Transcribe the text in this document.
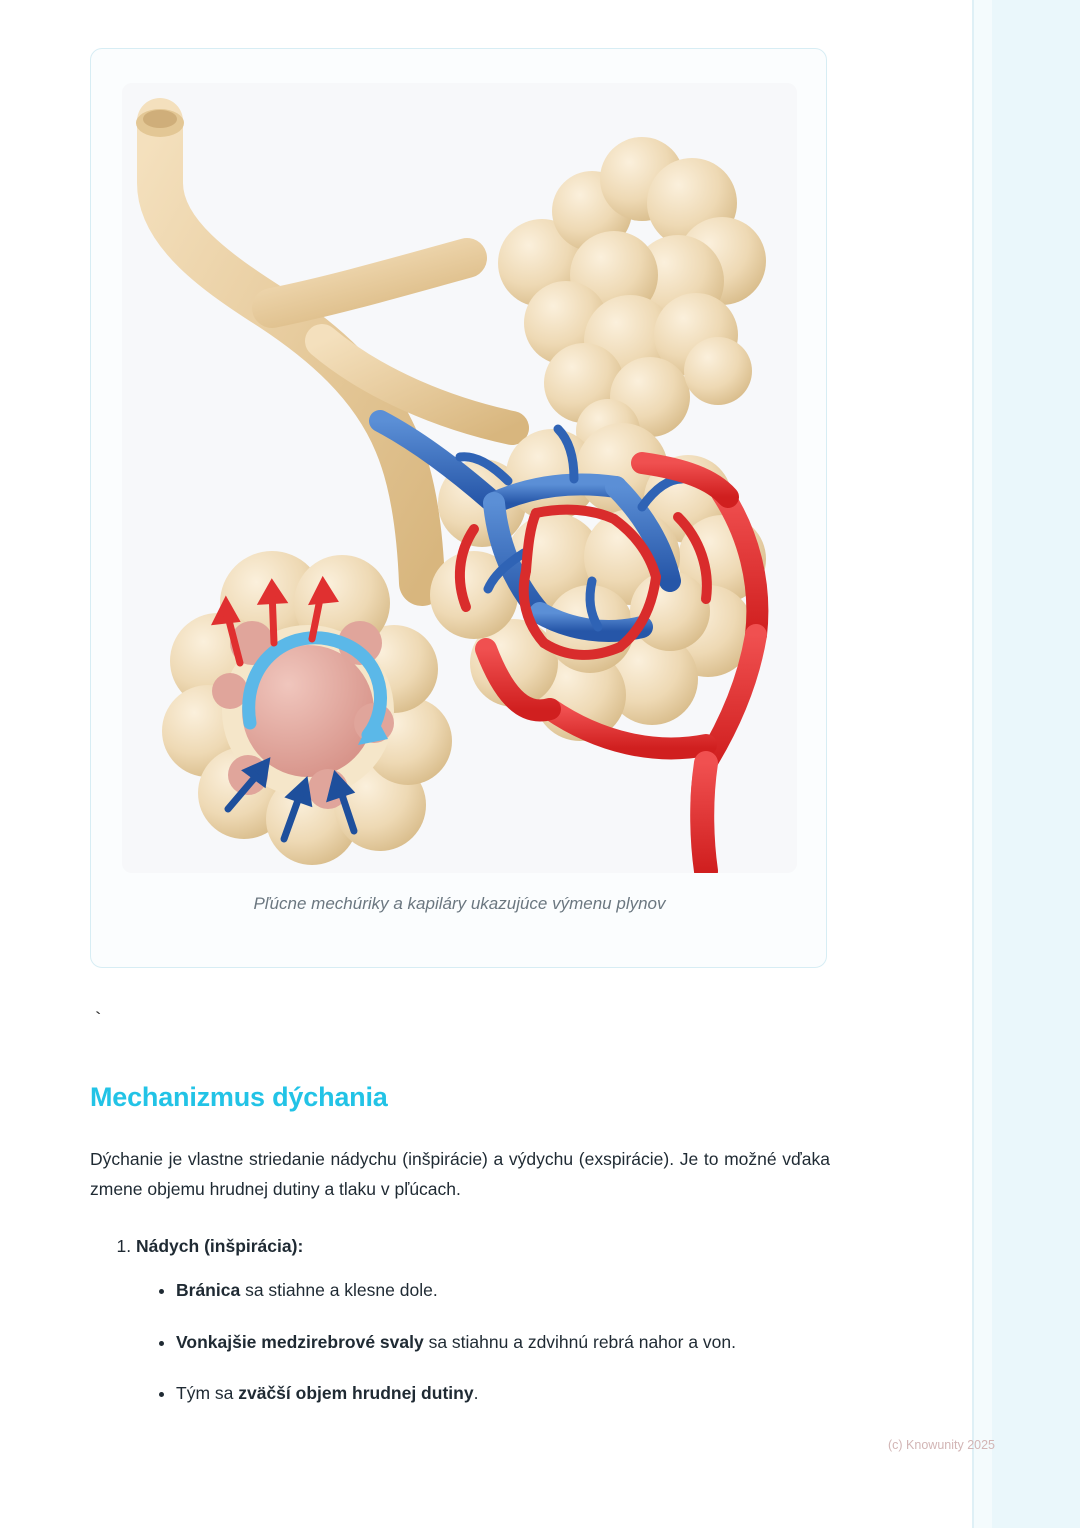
Pľúcne mechúriky a kapiláry ukazujúce výmenu plynov
`
Mechanizmus dýchania
Dýchanie je vlastne striedanie nádychu (inšpirácie) a výdychu (exspirácie). Je to možné vďaka zmene objemu hrudnej dutiny a tlaku v pľúcach.
1. Nádych (inšpirácia):
• Bránica sa stiahne a klesne dole.
• Vonkajšie medzirebrové svaly sa stiahnu a zdvihnú rebrá nahor a von.
• Tým sa zväčší objem hrudnej dutiny.
(c) Knowunity 2025
